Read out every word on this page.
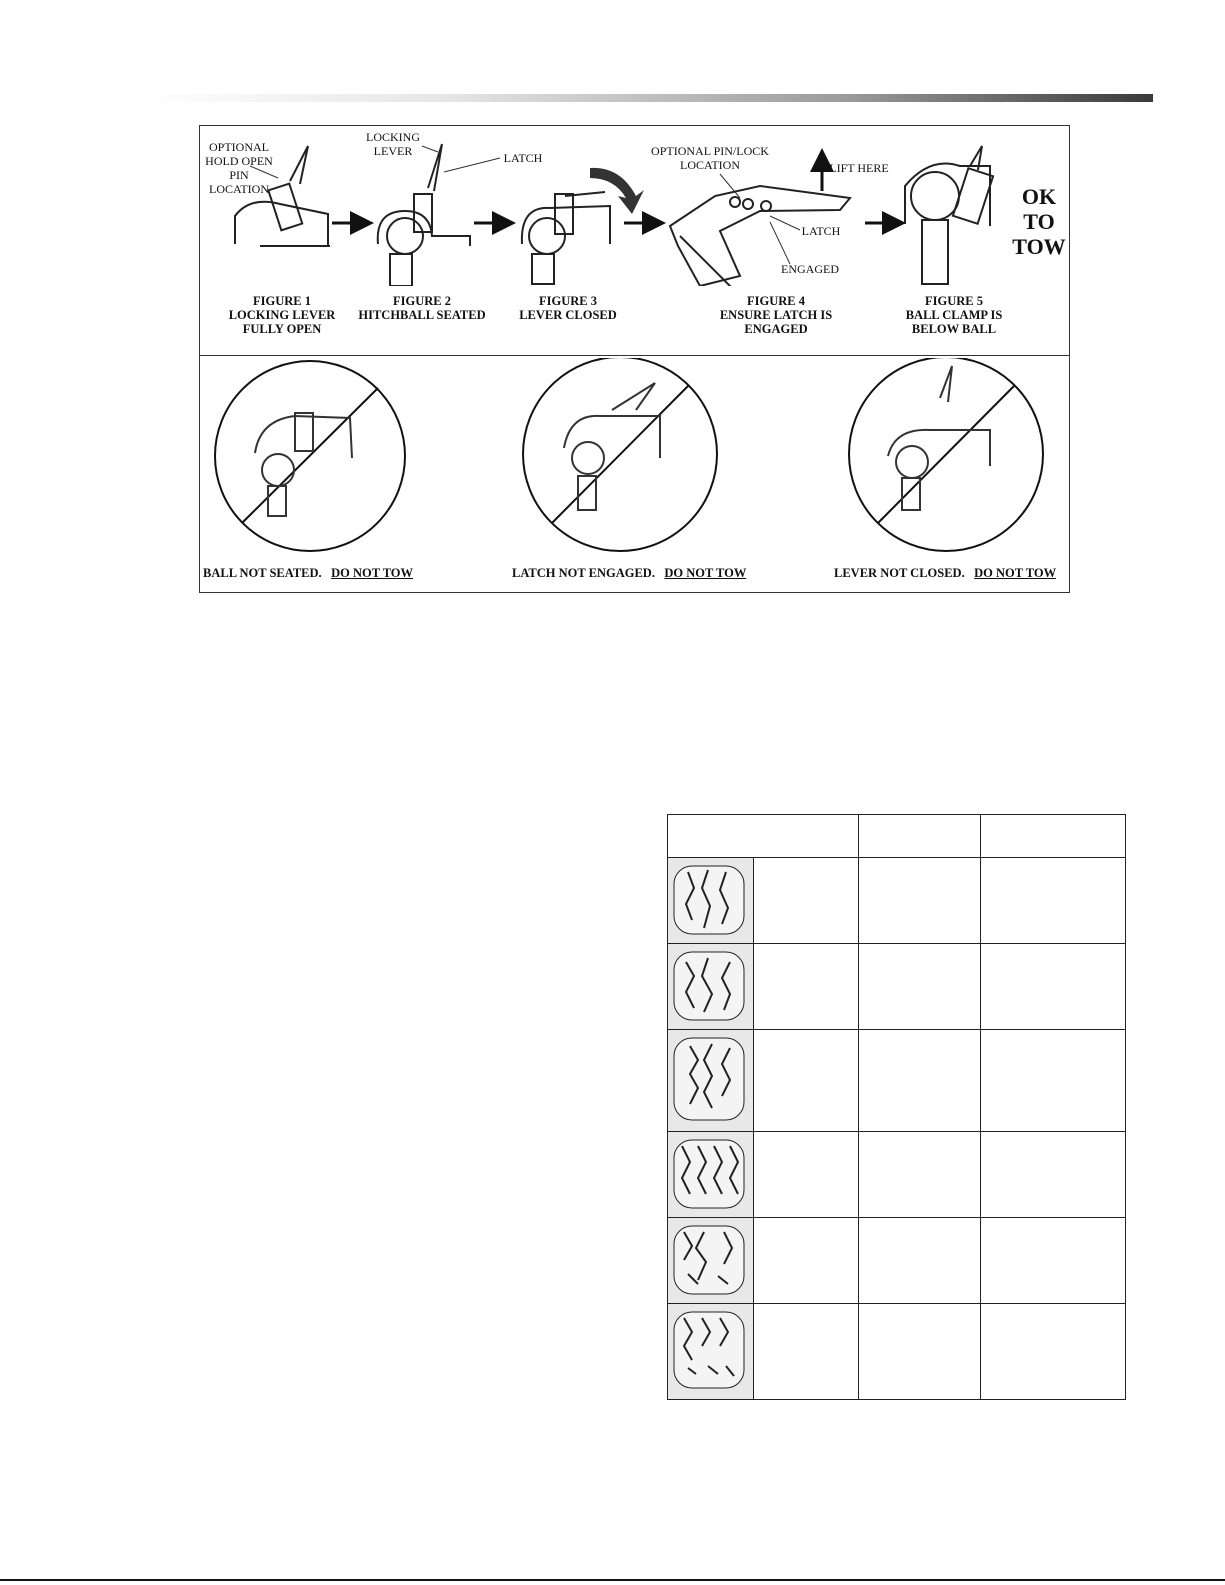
OPTIONAL
HOLD OPEN
PIN
LOCATION
LOCKING
LEVER	LATCH	OPTIONAL PIN/LOCK
LOCATION	LIFT HERE
LATCH
ENGAGED
OK
TO
TOW
FIGURE 1
LOCKING LEVER
FULLY OPEN
FIGURE 2
HITCHBALL SEATED
FIGURE 3
LEVER CLOSED
FIGURE 4
ENSURE LATCH IS
ENGAGED
FIGURE 5
BALL CLAMP IS
BELOW BALL
BALL NOT SEATED. DO NOT TOW	LATCH NOT ENGAGED. DO NOT TOW	LEVER NOT CLOSED. DO NOT TOW
